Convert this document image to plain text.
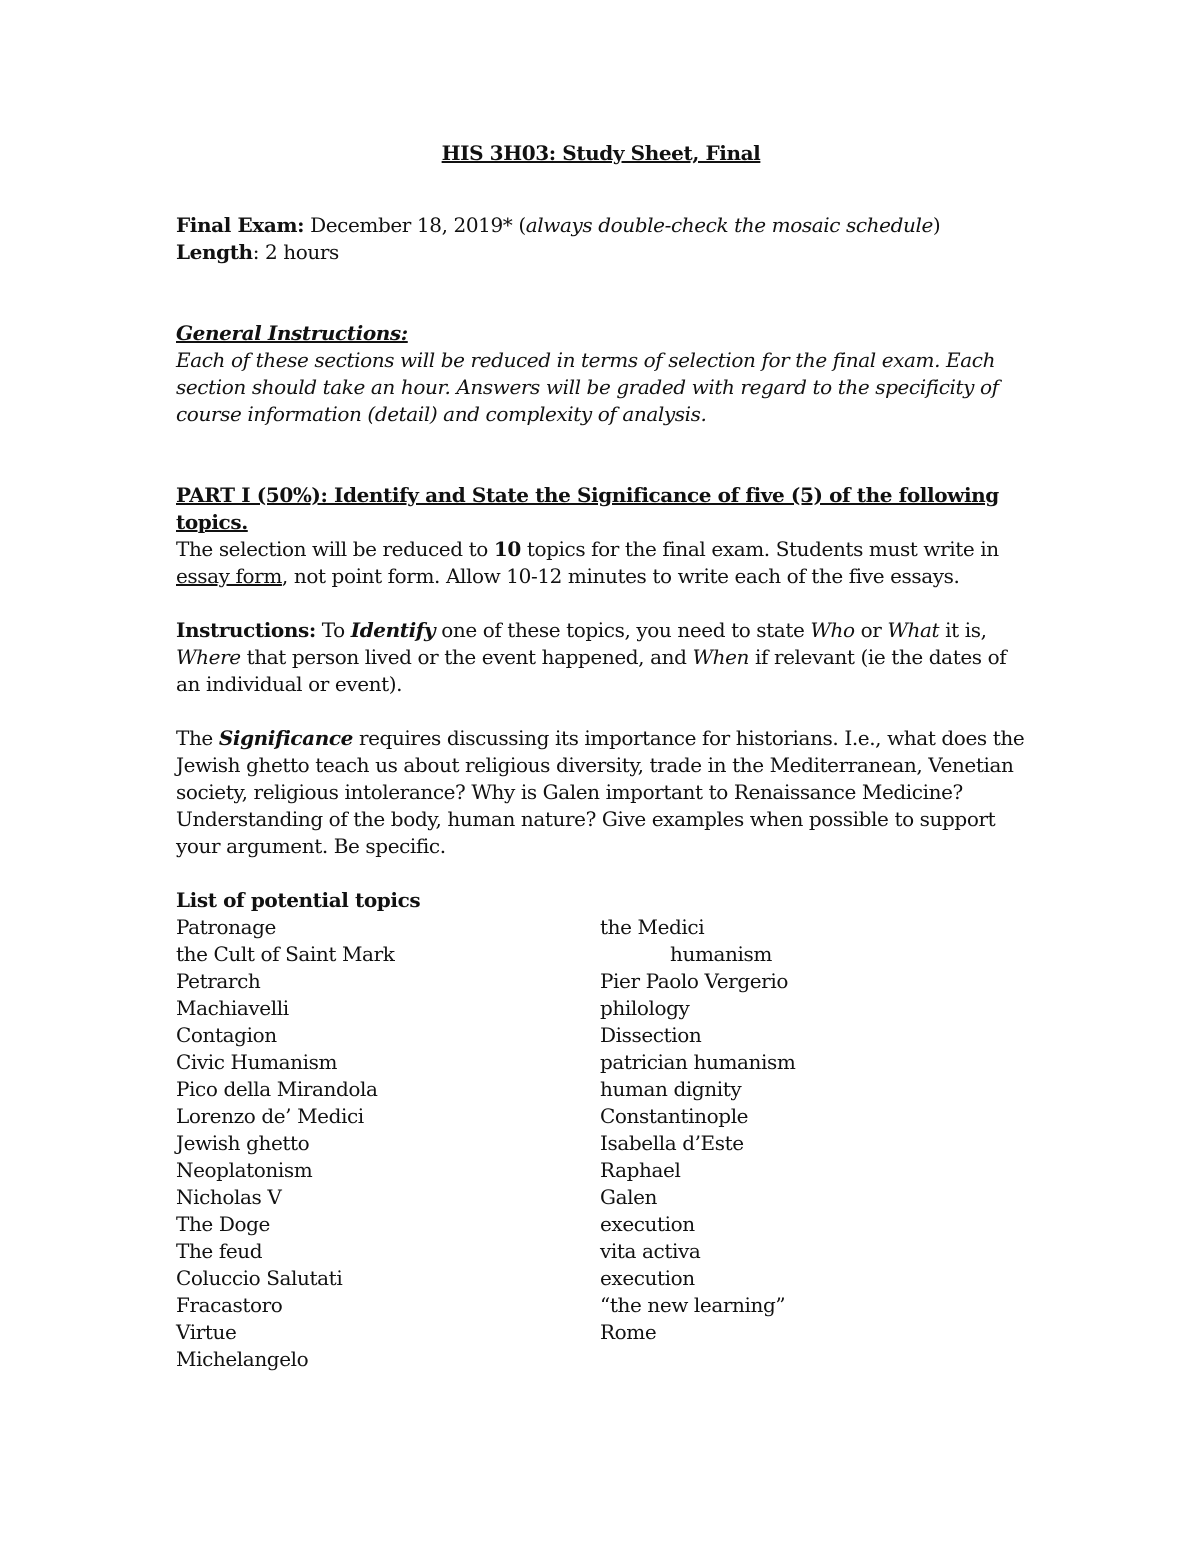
HIS 3H03: Study Sheet, Final

Final Exam: December 18, 2019* (always double-check the mosaic schedule)

Length: 2 hours

General Instructions:

Each of these sections will be reduced in terms of selection for the final exam. Each section should take an hour. Answers will be graded with regard to the specificity of course information (detail) and complexity of analysis.

PART I (50%): Identify and State the Significance of five (5) of the following topics.

The selection will be reduced to 10 topics for the final exam. Students must write in essay form, not point form. Allow 10-12 minutes to write each of the five essays.

Instructions: To Identify one of these topics, you need to state Who or What it is, Where that person lived or the event happened, and When if relevant (ie the dates of an individual or event).

The Significance requires discussing its importance for historians. I.e., what does the Jewish ghetto teach us about religious diversity, trade in the Mediterranean, Venetian society, religious intolerance? Why is Galen important to Renaissance Medicine? Understanding of the body, human nature? Give examples when possible to support your argument. Be specific.

List of potential topics

Patronage

the Cult of Saint Mark

Petrarch

Machiavelli

Contagion

Civic Humanism

Pico della Mirandola

Lorenzo de’ Medici

Jewish ghetto

Neoplatonism

Nicholas V

The Doge

The feud

Coluccio Salutati

Fracastoro

Virtue

Michelangelo

the Medici

humanism

Pier Paolo Vergerio

philology

Dissection

patrician humanism

human dignity

Constantinople

Isabella d’Este

Raphael

Galen

execution

vita activa

execution

“the new learning”

Rome
